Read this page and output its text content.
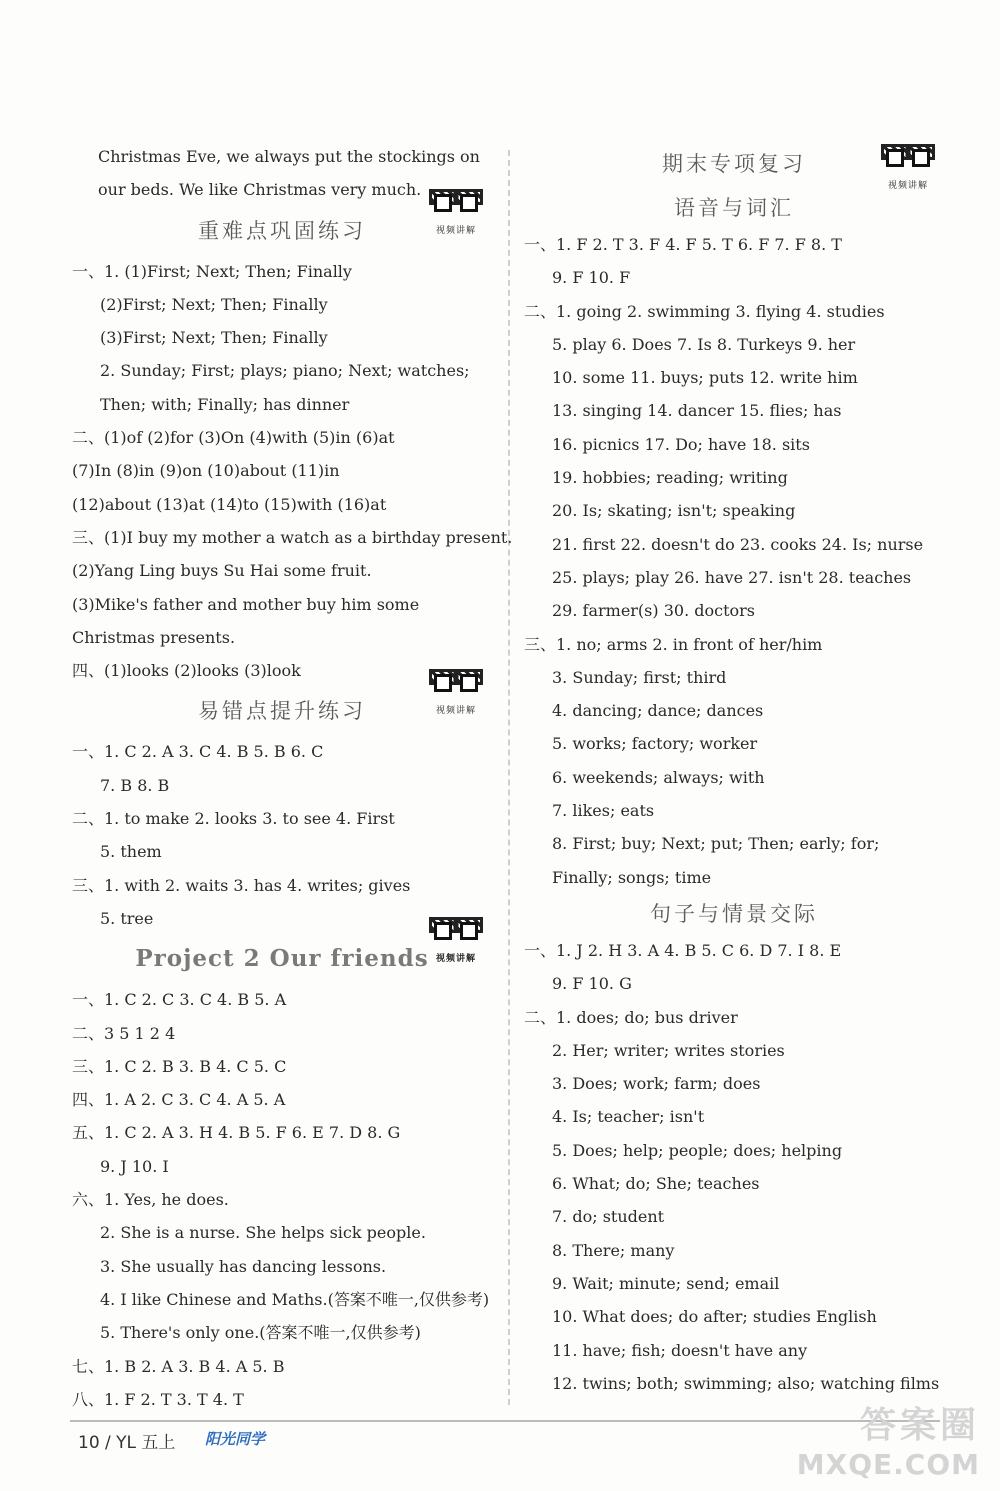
Christmas Eve, we always put the stockings on
our beds. We like Christmas very much.
重难点巩固练习	视频讲解
一、1. (1)First; Next; Then; Finally
(2)First; Next; Then; Finally
(3)First; Next; Then; Finally
2. Sunday; First; plays; piano; Next; watches;
Then; with; Finally; has dinner
二、(1)of (2)for (3)On (4)with (5)in (6)at
(7)In (8)in (9)on (10)about (11)in
(12)about (13)at (14)to (15)with (16)at
三、(1)I buy my mother a watch as a birthday present.
(2)Yang Ling buys Su Hai some fruit.
(3)Mike's father and mother buy him some
Christmas presents.
四、(1)looks (2)looks (3)look
易错点提升练习	视频讲解
一、1. C 2. A 3. C 4. B 5. B 6. C
7. B 8. B
二、1. to make 2. looks 3. to see 4. First
5. them
三、1. with 2. waits 3. has 4. writes; gives
5. tree
Project 2 Our friends 视频讲解
一、1. C 2. C 3. C 4. B 5. A
二、3 5 1 2 4
三、1. C 2. B 3. B 4. C 5. C
四、1. A 2. C 3. C 4. A 5. A
五、1. C 2. A 3. H 4. B 5. F 6. E 7. D 8. G
9. J 10. I
六、1. Yes, he does.
2. She is a nurse. She helps sick people.
3. She usually has dancing lessons.
4. I like Chinese and Maths.(答案不唯一,仅供参考)
5. There's only one.(答案不唯一,仅供参考)
七、1. B 2. A 3. B 4. A 5. B
八、1. F 2. T 3. T 4. T
期末专项复习
视频讲解
语音与词汇
一、1. F 2. T 3. F 4. F 5. T 6. F 7. F 8. T
9. F 10. F
二、1. going 2. swimming 3. flying 4. studies
5. play 6. Does 7. Is 8. Turkeys 9. her
10. some 11. buys; puts 12. write him
13. singing 14. dancer 15. flies; has
16. picnics 17. Do; have 18. sits
19. hobbies; reading; writing
20. Is; skating; isn't; speaking
21. first 22. doesn't do 23. cooks 24. Is; nurse
25. plays; play 26. have 27. isn't 28. teaches
29. farmer(s) 30. doctors
三、1. no; arms 2. in front of her/him
3. Sunday; first; third
4. dancing; dance; dances
5. works; factory; worker
6. weekends; always; with
7. likes; eats
8. First; buy; Next; put; Then; early; for;
Finally; songs; time
句子与情景交际
一、1. J 2. H 3. A 4. B 5. C 6. D 7. I 8. E
9. F 10. G
二、1. does; do; bus driver
2. Her; writer; writes stories
3. Does; work; farm; does
4. Is; teacher; isn't
5. Does; help; people; does; helping
6. What; do; She; teaches
7. do; student
8. There; many
9. Wait; minute; send; email
10. What does; do after; studies English
11. have; fish; doesn't have any
12. twins; both; swimming; also; watching films
10 / YL 五上 阳光同学	答案圈
MXQE.COM
